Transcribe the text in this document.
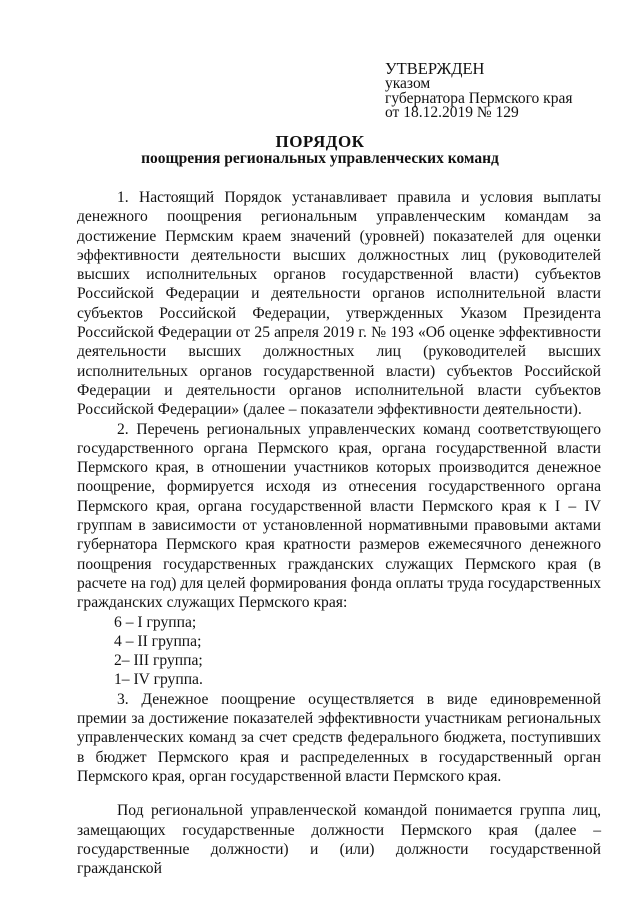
УТВЕРЖДЕН
указом
губернатора Пермского края
от 18.12.2019 № 129
ПОРЯДОК
поощрения региональных управленческих команд

1. Настоящий Порядок устанавливает правила и условия выплаты денежного поощрения региональным управленческим командам за достижение Пермским краем значений (уровней) показателей для оценки эффективности деятельности высших должностных лиц (руководителей высших исполнительных органов государственной власти) субъектов Российской Федерации и деятельности органов исполнительной власти субъектов Российской Федерации, утвержденных Указом Президента Российской Федерации от 25 апреля 2019 г. № 193 «Об оценке эффективности деятельности высших должностных лиц (руководителей высших исполнительных органов государственной власти) субъектов Российской Федерации и деятельности органов исполнительной власти субъектов Российской Федерации» (далее – показатели эффективности деятельности).

2. Перечень региональных управленческих команд соответствующего государственного органа Пермского края, органа государственной власти Пермского края, в отношении участников которых производится денежное поощрение, формируется исходя из отнесения государственного органа Пермского края, органа государственной власти Пермского края к I – IV группам в зависимости от установленной нормативными правовыми актами губернатора Пермского края кратности размеров ежемесячного денежного поощрения государственных гражданских служащих Пермского края (в расчете на год) для целей формирования фонда оплаты труда государственных гражданских служащих Пермского края:

6 – I группа;

4 – II группа;

2– III группа;

1– IV группа.

3. Денежное поощрение осуществляется в виде единовременной премии за достижение показателей эффективности участникам региональных управленческих команд за счет средств федерального бюджета, поступивших в бюджет Пермского края и распределенных в государственный орган Пермского края, орган государственной власти Пермского края.

Под региональной управленческой командой понимается группа лиц, замещающих государственные должности Пермского края (далее – государственные должности) и (или) должности государственной гражданской
